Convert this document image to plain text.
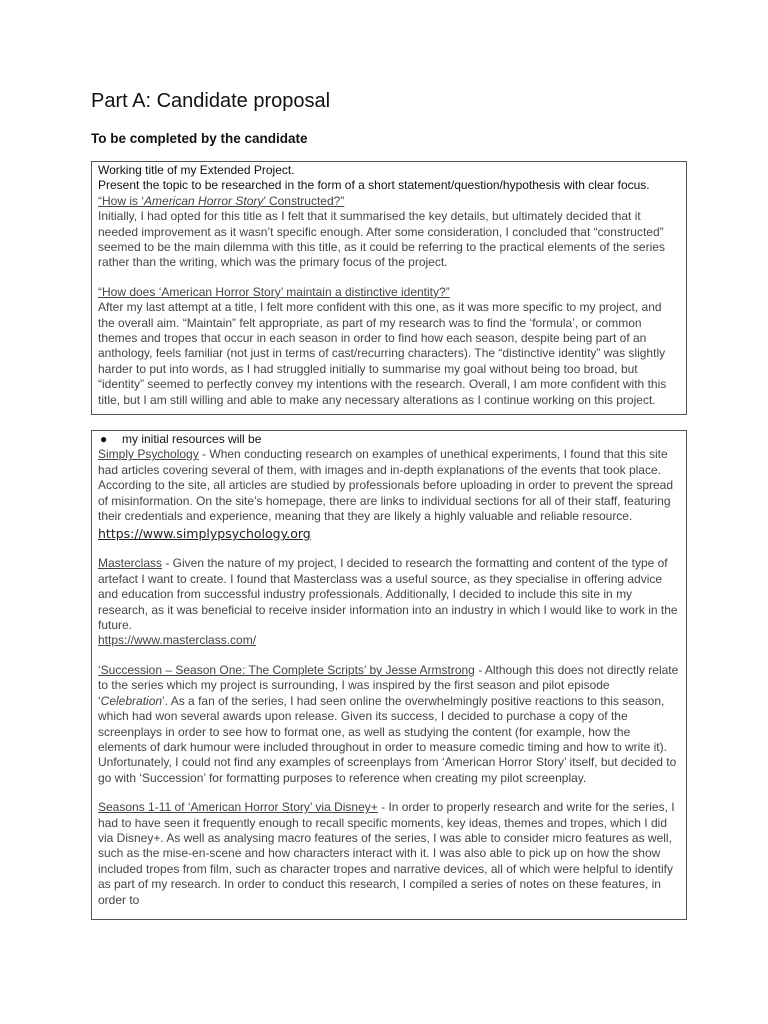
Part A: Candidate proposal
To be completed by the candidate

Working title of my Extended Project.

Present the topic to be researched in the form of a short statement/question/hypothesis with clear focus.

“How is ‘American Horror Story’ Constructed?”

Initially, I had opted for this title as I felt that it summarised the key details, but ultimately decided that it needed improvement as it wasn’t specific enough. After some consideration, I concluded that “constructed” seemed to be the main dilemma with this title, as it could be referring to the practical elements of the series rather than the writing, which was the primary focus of the project.

“How does ‘American Horror Story’ maintain a distinctive identity?”

After my last attempt at a title, I felt more confident with this one, as it was more specific to my project, and the overall aim. “Maintain” felt appropriate, as part of my research was to find the ‘formula’, or common themes and tropes that occur in each season in order to find how each season, despite being part of an anthology, feels familiar (not just in terms of cast/recurring characters). The “distinctive identity” was slightly harder to put into words, as I had struggled initially to summarise my goal without being too broad, but “identity” seemed to perfectly convey my intentions with the research. Overall, I am more confident with this title, but I am still willing and able to make any necessary alterations as I continue working on this project.

●	my initial resources will be

Simply Psychology - When conducting research on examples of unethical experiments, I found that this site had articles covering several of them, with images and in-depth explanations of the events that took place. According to the site, all articles are studied by professionals before uploading in order to prevent the spread of misinformation. On the site’s homepage, there are links to individual sections for all of their staff, featuring their credentials and experience, meaning that they are likely a highly valuable and reliable resource.

https://www.simplypsychology.org

Masterclass - Given the nature of my project, I decided to research the formatting and content of the type of artefact I want to create. I found that Masterclass was a useful source, as they specialise in offering advice and education from successful industry professionals. Additionally, I decided to include this site in my research, as it was beneficial to receive insider information into an industry in which I would like to work in the future.

https://www.masterclass.com/

‘Succession – Season One: The Complete Scripts’ by Jesse Armstrong - Although this does not directly relate to the series which my project is surrounding, I was inspired by the first season and pilot episode ‘Celebration’. As a fan of the series, I had seen online the overwhelmingly positive reactions to this season, which had won several awards upon release. Given its success, I decided to purchase a copy of the screenplays in order to see how to format one, as well as studying the content (for example, how the elements of dark humour were included throughout in order to measure comedic timing and how to write it). Unfortunately, I could not find any examples of screenplays from ‘American Horror Story’ itself, but decided to go with ‘Succession’ for formatting purposes to reference when creating my pilot screenplay.

Seasons 1-11 of ‘American Horror Story’ via Disney+ - In order to properly research and write for the series, I had to have seen it frequently enough to recall specific moments, key ideas, themes and tropes, which I did via Disney+. As well as analysing macro features of the series, I was able to consider micro features as well, such as the mise-en-scene and how characters interact with it. I was also able to pick up on how the show included tropes from film, such as character tropes and narrative devices, all of which were helpful to identify as part of my research. In order to conduct this research, I compiled a series of notes on these features, in order to
